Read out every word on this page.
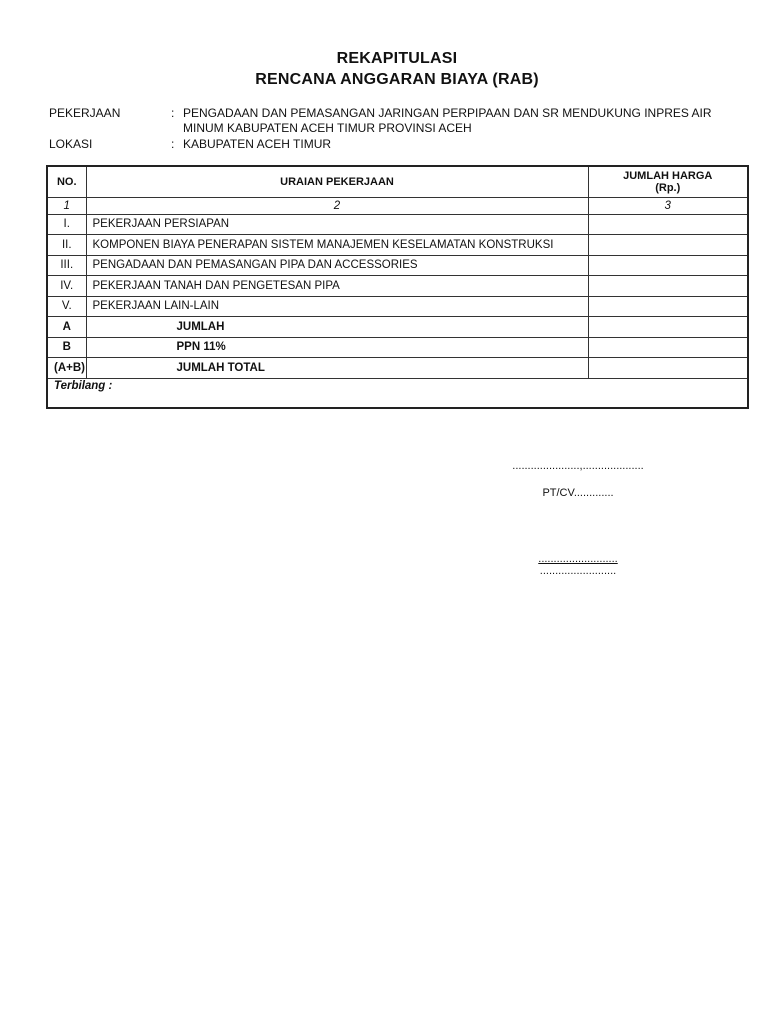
REKAPITULASI
RENCANA ANGGARAN BIAYA (RAB)
PEKERJAAN	: PENGADAAN DAN PEMASANGAN JARINGAN PERPIPAAN DAN SR MENDUKUNG INPRES AIR MINUM KABUPATEN ACEH TIMUR PROVINSI ACEH
LOKASI	: KABUPATEN ACEH TIMUR
NO.	URAIAN PEKERJAAN	JUMLAH HARGA
(Rp.)

1	2	3
I.	PEKERJAAN PERSIAPAN	
II.	KOMPONEN BIAYA PENERAPAN SISTEM MANAJEMEN KESELAMATAN KONSTRUKSI	
III.	PENGADAAN DAN PEMASANGAN PIPA DAN ACCESSORIES	
IV.	PEKERJAAN TANAH DAN PENGETESAN PIPA	
V.	PEKERJAAN LAIN-LAIN	
A	JUMLAH	
B	PPN 11%	
(A+B)	JUMLAH TOTAL	
Terbilang :		
......................,....................
PT/CV.............
..........................
.........................
